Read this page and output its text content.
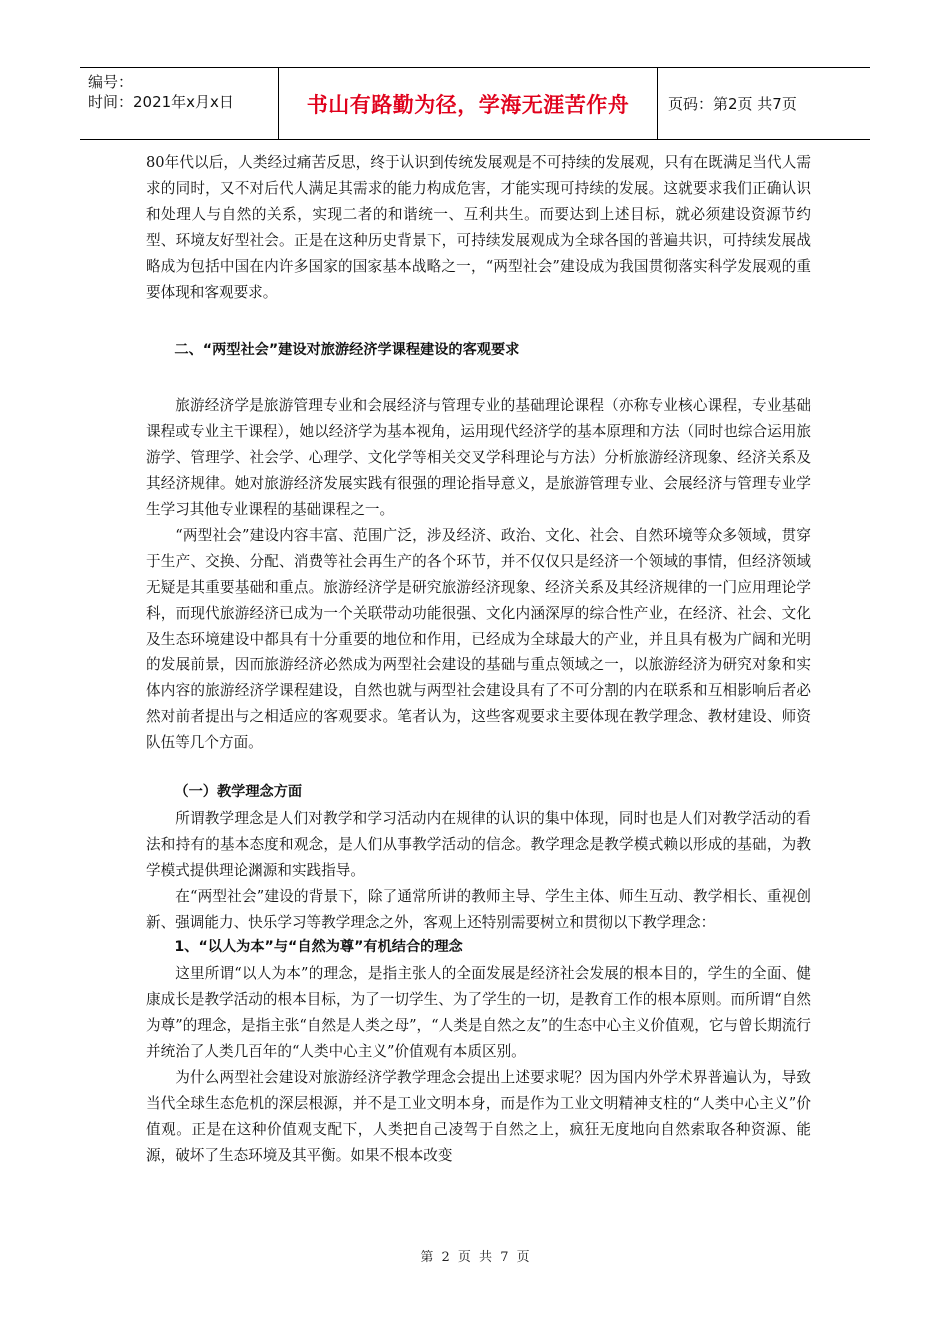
编号：
时间：2021年x月x日	书山有路勤为径，学海无涯苦作舟	页码：第2页 共7页

80年代以后，人类经过痛苦反思，终于认识到传统发展观是不可持续的发展观，只有在既满足当代人需求的同时，又不对后代人满足其需求的能力构成危害，才能实现可持续的发展。这就要求我们正确认识和处理人与自然的关系，实现二者的和谐统一、互利共生。而要达到上述目标，就必须建设资源节约型、环境友好型社会。正是在这种历史背景下，可持续发展观成为全球各国的普遍共识，可持续发展战略成为包括中国在内许多国家的国家基本战略之一，“两型社会”建设成为我国贯彻落实科学发展观的重要体现和客观要求。

二、“两型社会”建设对旅游经济学课程建设的客观要求

旅游经济学是旅游管理专业和会展经济与管理专业的基础理论课程（亦称专业核心课程，专业基础课程或专业主干课程），她以经济学为基本视角，运用现代经济学的基本原理和方法（同时也综合运用旅游学、管理学、社会学、心理学、文化学等相关交叉学科理论与方法）分析旅游经济现象、经济关系及其经济规律。她对旅游经济发展实践有很强的理论指导意义，是旅游管理专业、会展经济与管理专业学生学习其他专业课程的基础课程之一。

“两型社会”建设内容丰富、范围广泛，涉及经济、政治、文化、社会、自然环境等众多领域，贯穿于生产、交换、分配、消费等社会再生产的各个环节，并不仅仅只是经济一个领域的事情，但经济领域无疑是其重要基础和重点。旅游经济学是研究旅游经济现象、经济关系及其经济规律的一门应用理论学科，而现代旅游经济已成为一个关联带动功能很强、文化内涵深厚的综合性产业，在经济、社会、文化及生态环境建设中都具有十分重要的地位和作用，已经成为全球最大的产业，并且具有极为广阔和光明的发展前景，因而旅游经济必然成为两型社会建设的基础与重点领域之一，以旅游经济为研究对象和实体内容的旅游经济学课程建设，自然也就与两型社会建设具有了不可分割的内在联系和互相影响后者必然对前者提出与之相适应的客观要求。笔者认为，这些客观要求主要体现在教学理念、教材建设、师资队伍等几个方面。

（一）教学理念方面

所谓教学理念是人们对教学和学习活动内在规律的认识的集中体现，同时也是人们对教学活动的看法和持有的基本态度和观念，是人们从事教学活动的信念。教学理念是教学模式赖以形成的基础，为教学模式提供理论渊源和实践指导。

在“两型社会”建设的背景下，除了通常所讲的教师主导、学生主体、师生互动、教学相长、重视创新、强调能力、快乐学习等教学理念之外，客观上还特别需要树立和贯彻以下教学理念：

1、“以人为本”与“自然为尊”有机结合的理念

这里所谓“以人为本”的理念，是指主张人的全面发展是经济社会发展的根本目的，学生的全面、健康成长是教学活动的根本目标，为了一切学生、为了学生的一切，是教育工作的根本原则。而所谓“自然为尊”的理念，是指主张“自然是人类之母”，“人类是自然之友”的生态中心主义价值观，它与曾长期流行并统治了人类几百年的“人类中心主义”价值观有本质区别。

为什么两型社会建设对旅游经济学教学理念会提出上述要求呢？因为国内外学术界普遍认为，导致当代全球生态危机的深层根源，并不是工业文明本身，而是作为工业文明精神支柱的“人类中心主义”价值观。正是在这种价值观支配下，人类把自己凌驾于自然之上，疯狂无度地向自然索取各种资源、能源，破坏了生态环境及其平衡。如果不根本改变

第 2 页 共 7 页
